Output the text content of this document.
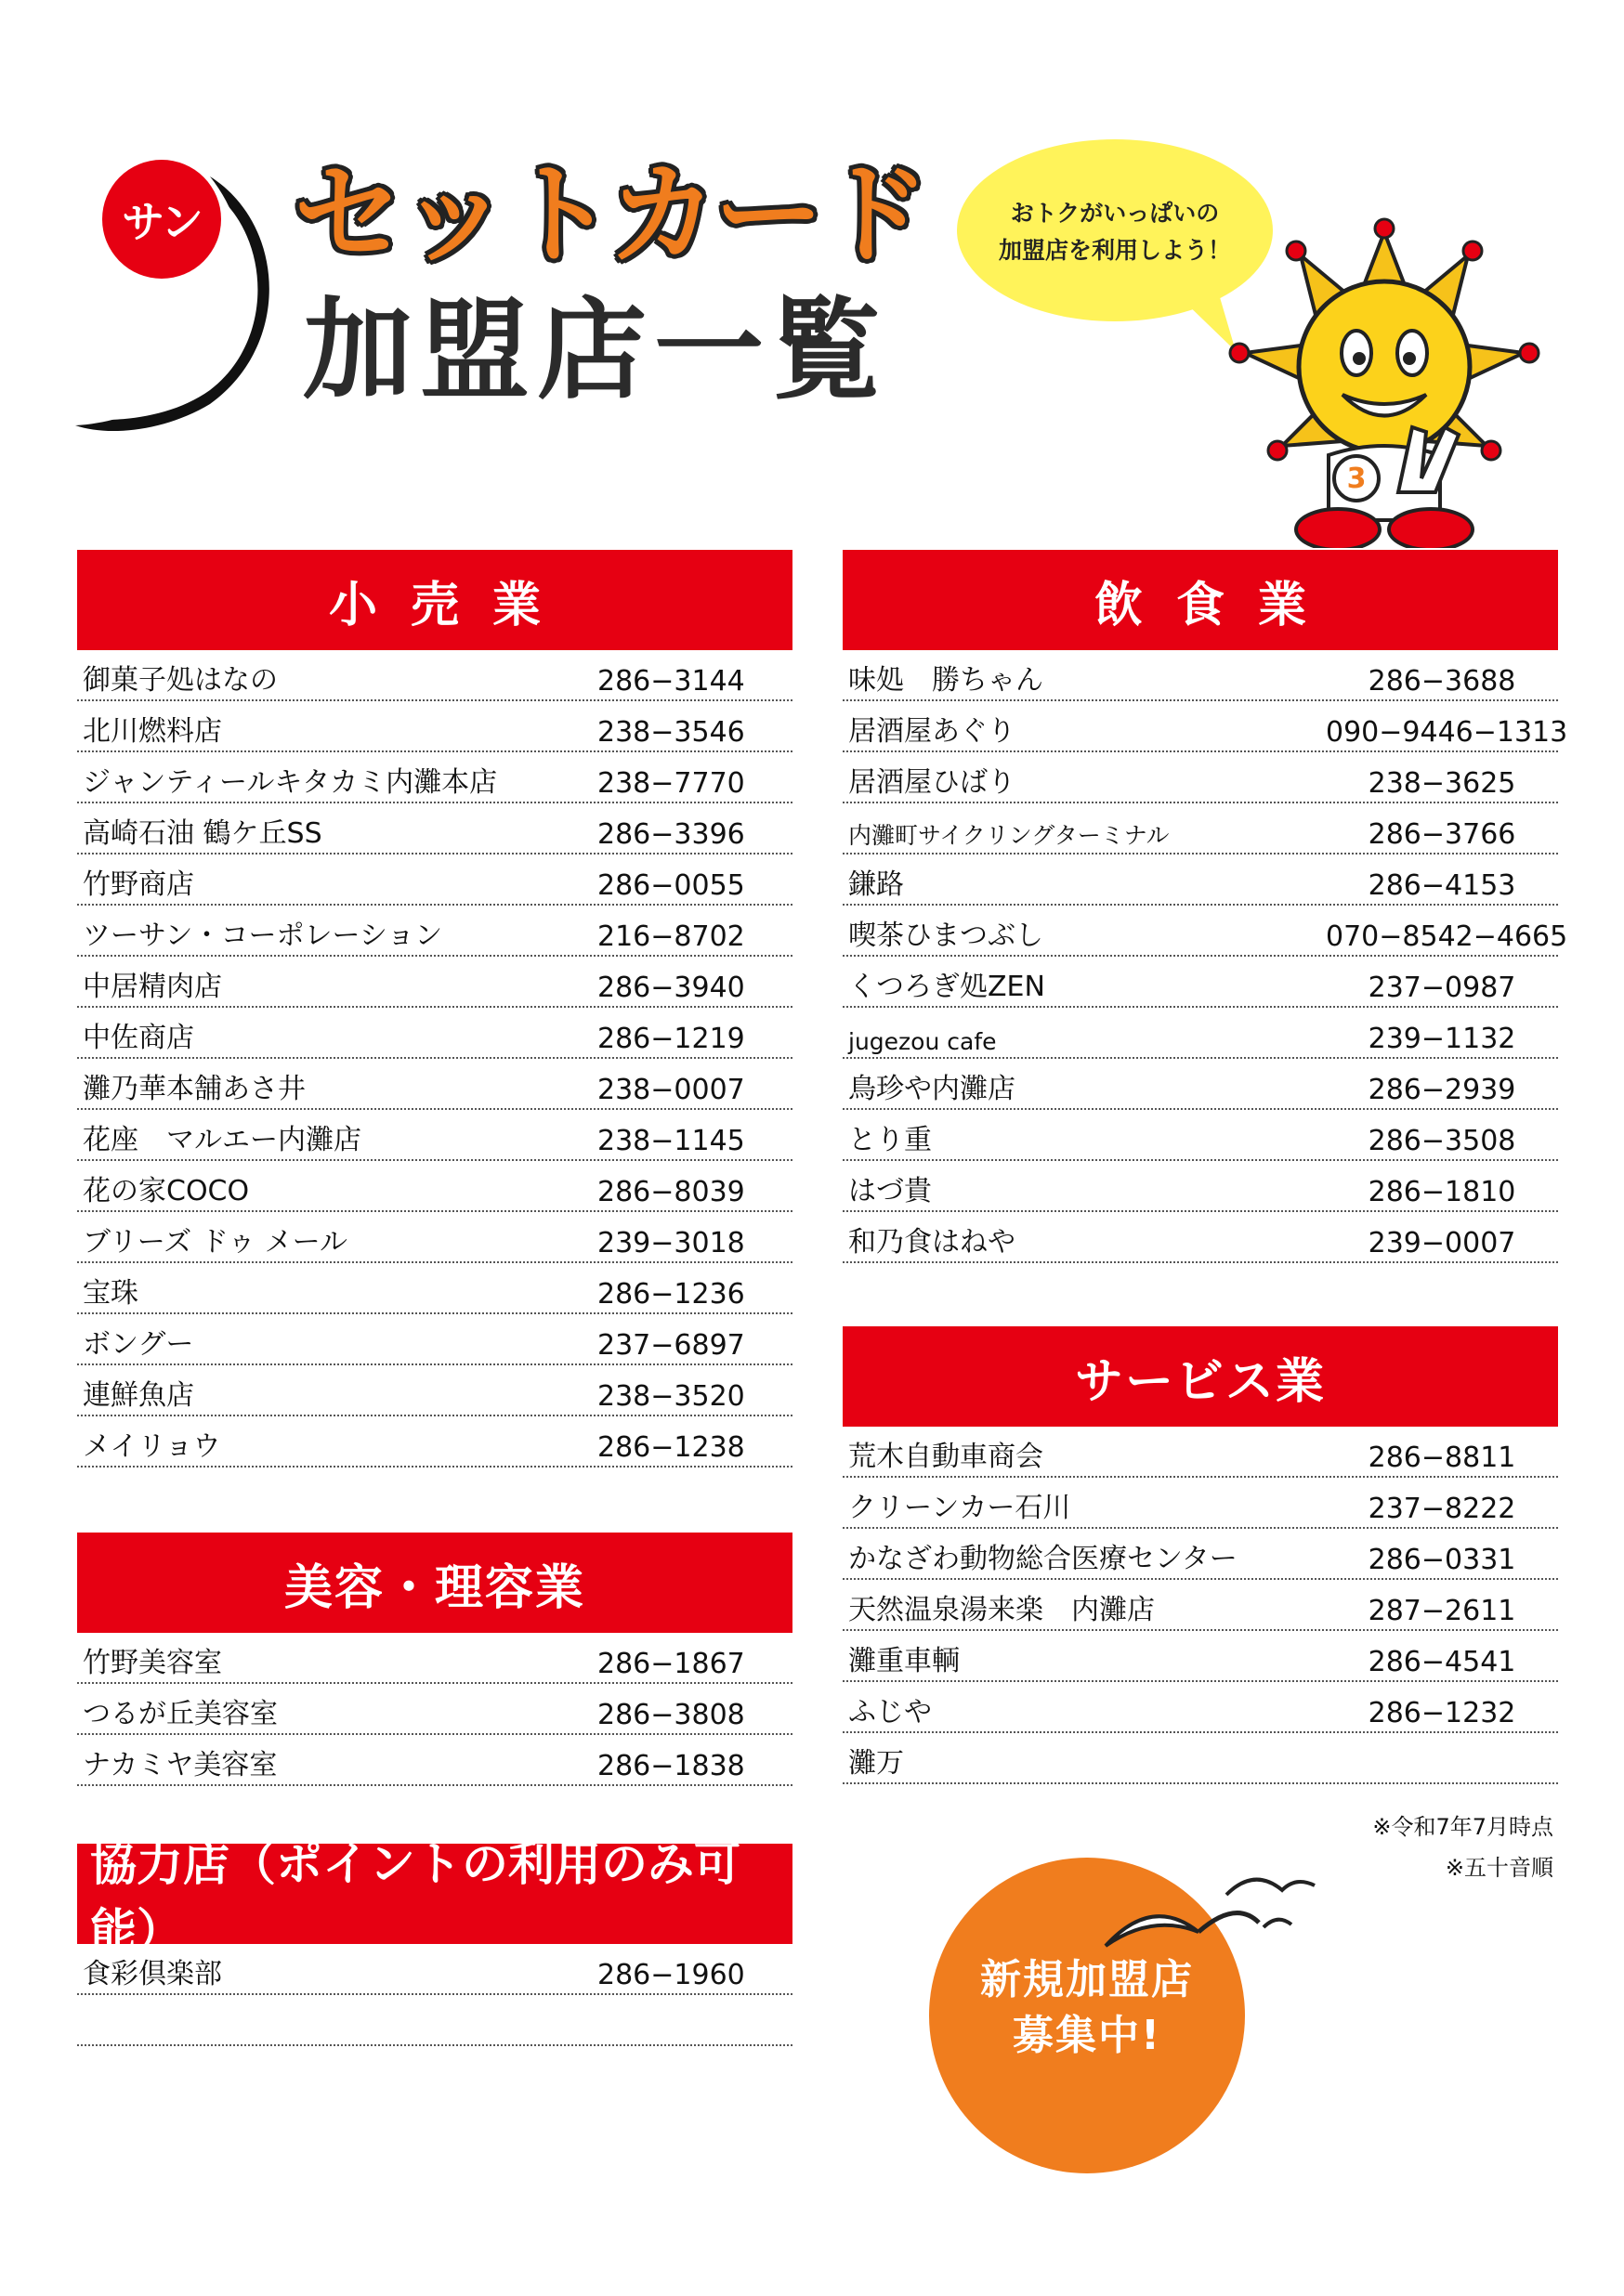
サン セットカード
加盟店一覧
おトクがいっぱいの
加盟店を利用しよう！
3
小売業
御菓子処はなの	286−3144
北川燃料店	238−3546
ジャンティールキタカミ内灘本店	238−7770
高崎石油 鶴ケ丘SS	286−3396
竹野商店	286−0055
ツーサン・コーポレーション	216−8702
中居精肉店	286−3940
中佐商店	286−1219
灘乃華本舗あさ井	238−0007
花座　マルエー内灘店	238−1145
花の家COCO	286−8039
ブリーズ ドゥ メール	239−3018
宝珠	286−1236
ボングー	237−6897
連鮮魚店	238−3520
メイリョウ	286−1238
美容・理容業
竹野美容室	286−1867
つるが丘美容室	286−3808
ナカミヤ美容室	286−1838
協力店（ポイントの利用のみ可能）
食彩倶楽部	286−1960
飲食業
味処　勝ちゃん	286−3688
居酒屋あぐり	090−9446−1313
居酒屋ひばり	238−3625
内灘町サイクリングターミナル	286−3766
鎌路	286−4153
喫茶ひまつぶし	070−8542−4665
くつろぎ処ZEN	237−0987
jugezou cafe	239−1132
鳥珍や内灘店	286−2939
とり重	286−3508
はづ貴	286−1810
和乃食はねや	239−0007
サービス業
荒木自動車商会	286−8811
クリーンカー石川	237−8222
かなざわ動物総合医療センター	286−0331
天然温泉湯来楽　内灘店	287−2611
灘重車輌	286−4541
ふじや	286−1232
灘万
※令和7年7月時点
※五十音順
新規加盟店
募集中!
